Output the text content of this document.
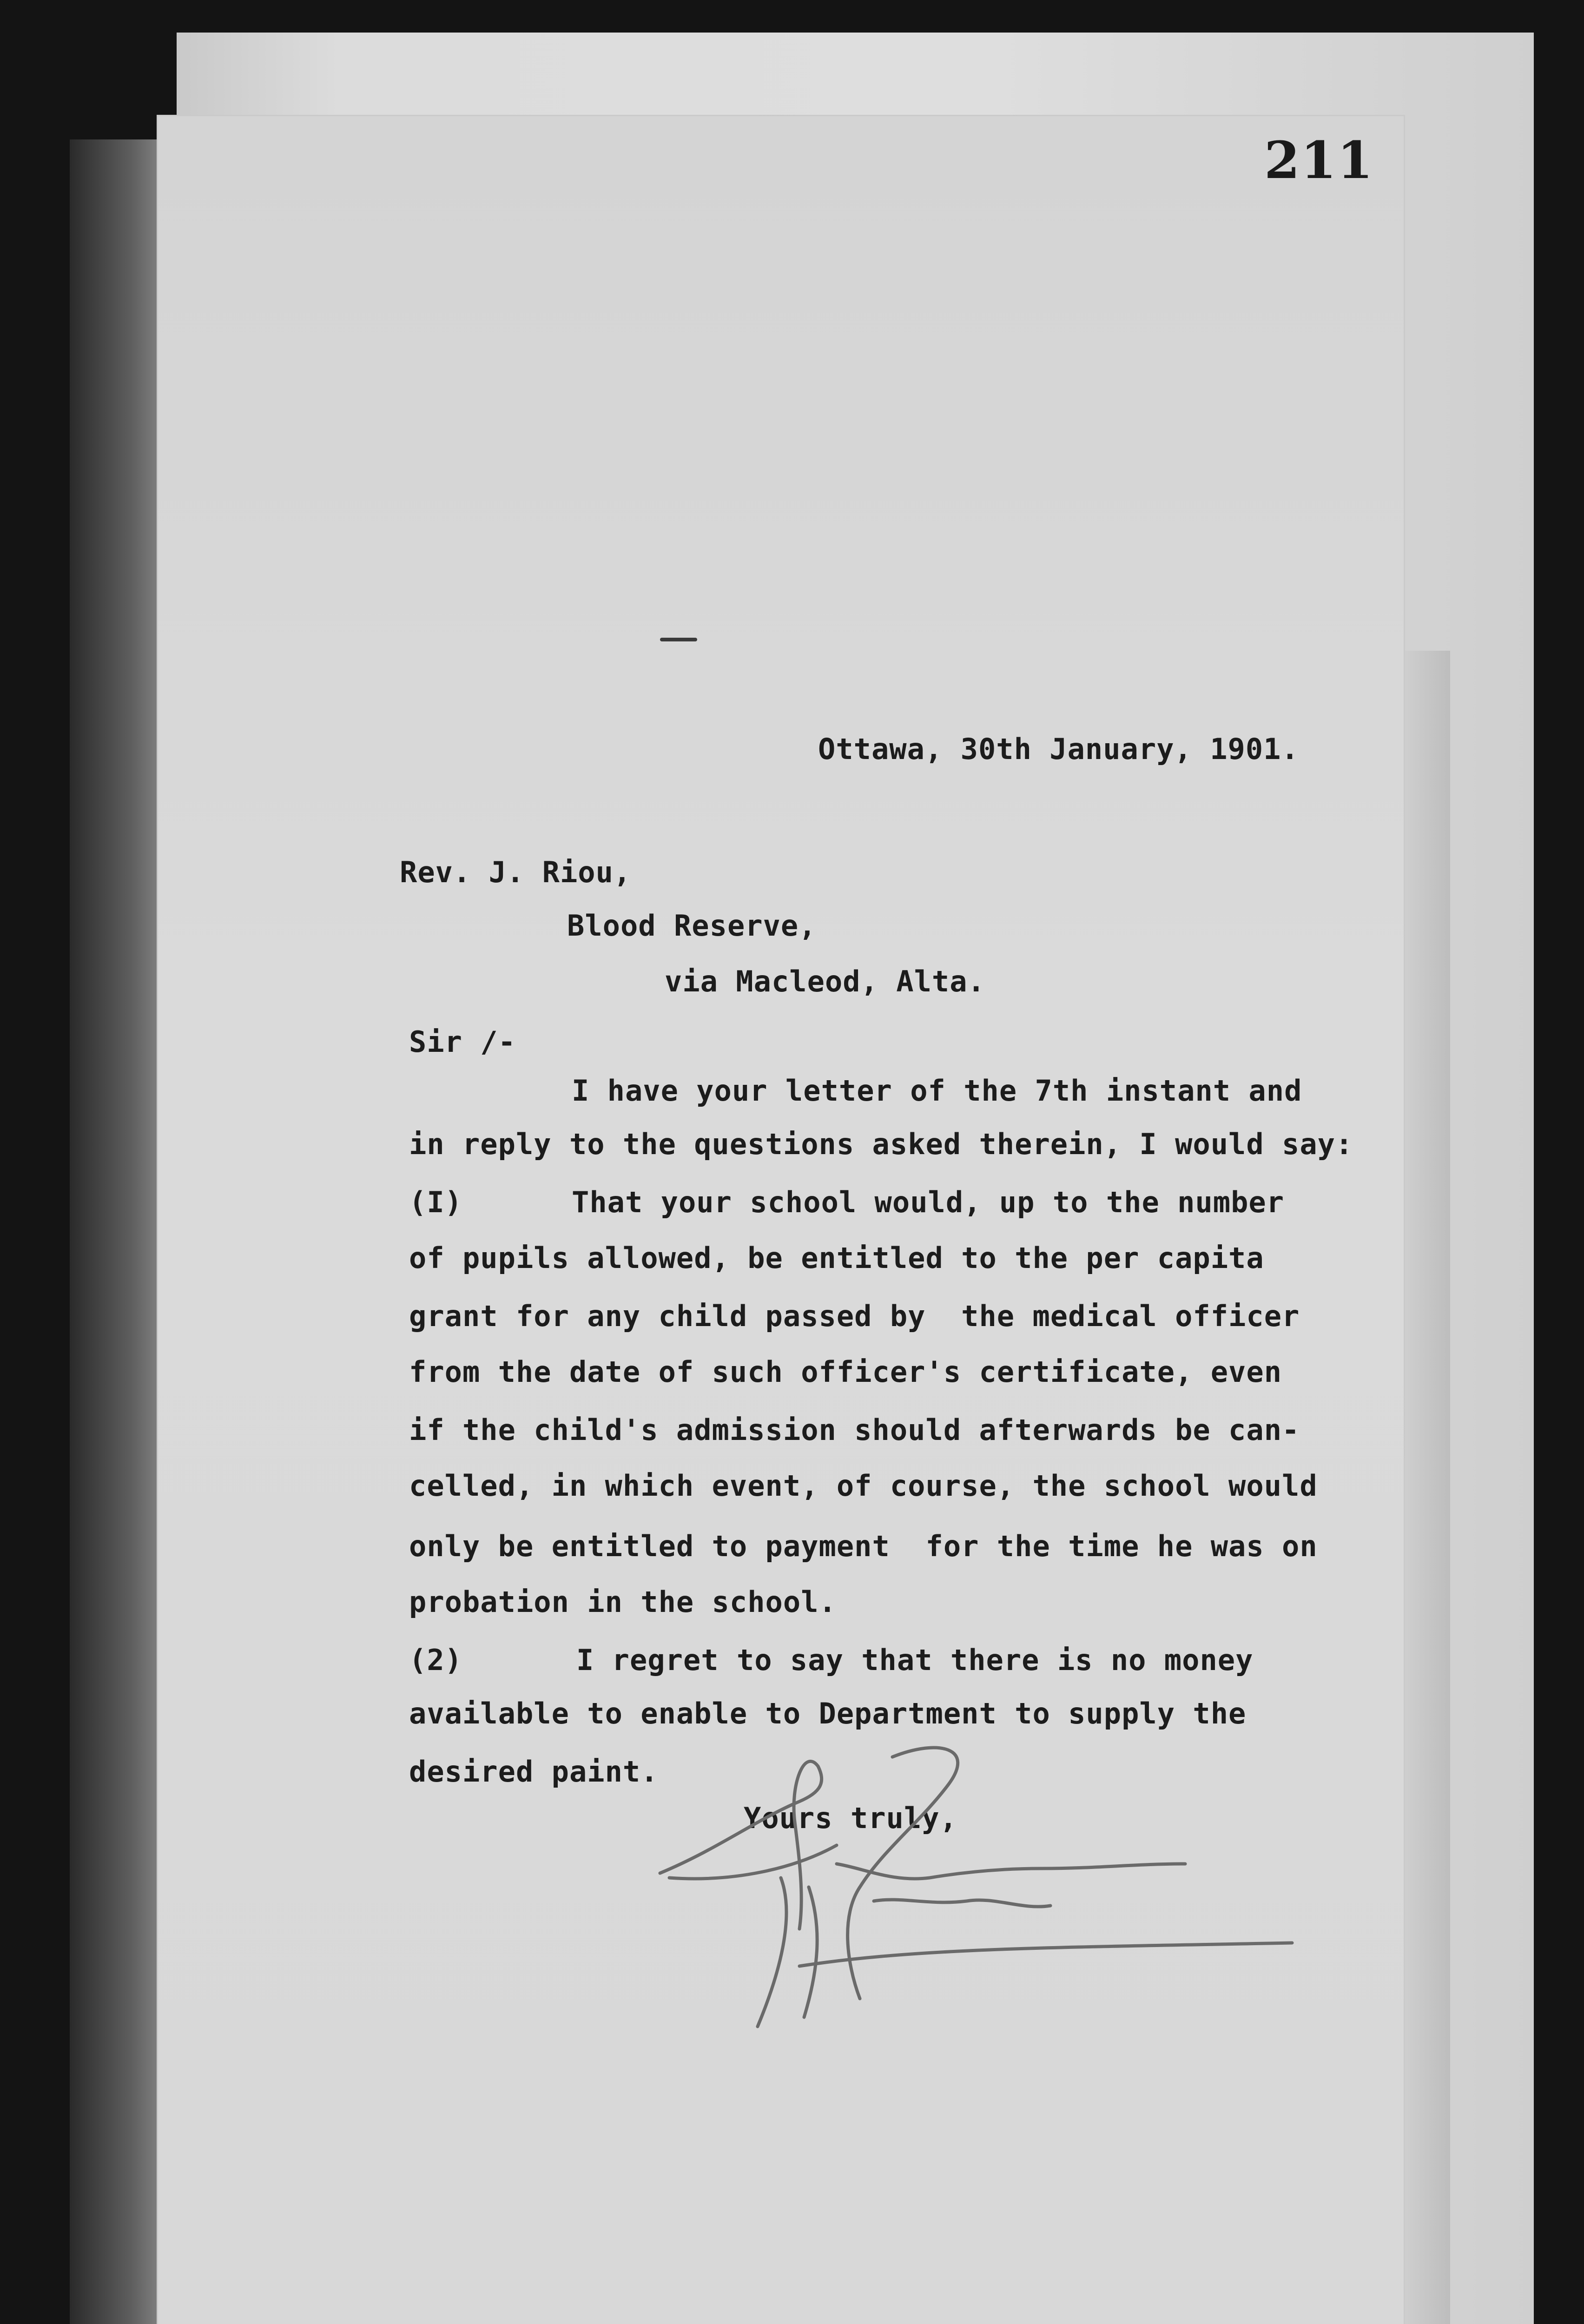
211
Ottawa, 30th January, 1901.
Rev. J. Riou,
Blood Reserve,
via Macleod, Alta.
Sir /-
I have your letter of the 7th instant and
in reply to the questions asked therein, I would say:
(I)	That your school would, up to the number
of pupils allowed, be entitled to the per capita
grant for any child passed by  the medical officer
from the date of such officer's certificate, even
if the child's admission should afterwards be can-
celled, in which event, of course, the school would
only be entitled to payment  for the time he was on
probation in the school.
(2)	I regret to say that there is no money
available to enable to Department to supply the
desired paint.
Yours truly,
